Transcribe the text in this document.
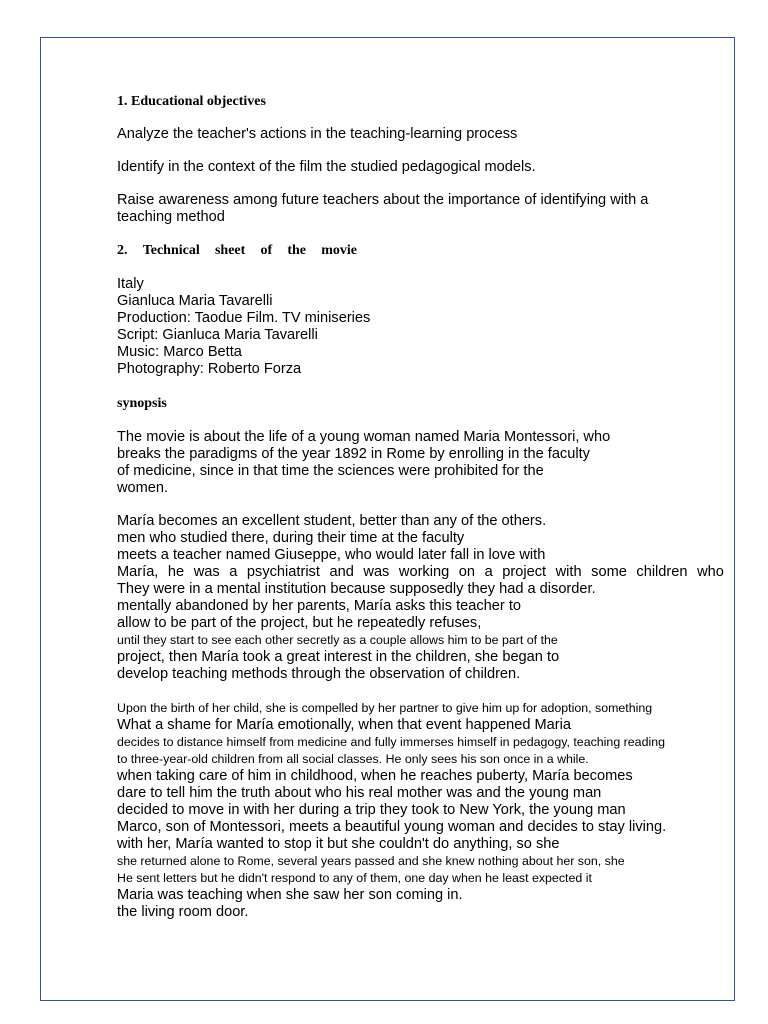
1. Educational objectives

Analyze the teacher's actions in the teaching-learning process

Identify in the context of the film the studied pedagogical models.

Raise awareness among future teachers about the importance of identifying with a
teaching method

2. Technical sheet of the movie

Italy
Gianluca Maria Tavarelli
Production: Taodue Film. TV miniseries
Script: Gianluca Maria Tavarelli
Music: Marco Betta
Photography: Roberto Forza

synopsis

The movie is about the life of a young woman named Maria Montessori, who
breaks the paradigms of the year 1892 in Rome by enrolling in the faculty
of medicine, since in that time the sciences were prohibited for the
women.

María becomes an excellent student, better than any of the others.
men who studied there, during their time at the faculty
meets a teacher named Giuseppe, who would later fall in love with
María, he was a psychiatrist and was working on a project with some children who
They were in a mental institution because supposedly they had a disorder.
mentally abandoned by her parents, María asks this teacher to
allow to be part of the project, but he repeatedly refuses,
until they start to see each other secretly as a couple allows him to be part of the
project, then María took a great interest in the children, she began to
develop teaching methods through the observation of children.

Upon the birth of her child, she is compelled by her partner to give him up for adoption, something
What a shame for María emotionally, when that event happened Maria
decides to distance himself from medicine and fully immerses himself in pedagogy, teaching reading
to three-year-old children from all social classes. He only sees his son once in a while.
when taking care of him in childhood, when he reaches puberty, María becomes
dare to tell him the truth about who his real mother was and the young man
decided to move in with her during a trip they took to New York, the young man
Marco, son of Montessori, meets a beautiful young woman and decides to stay living.
with her, María wanted to stop it but she couldn't do anything, so she
she returned alone to Rome, several years passed and she knew nothing about her son, she
He sent letters but he didn't respond to any of them, one day when he least expected it
Maria was teaching when she saw her son coming in.
the living room door.
